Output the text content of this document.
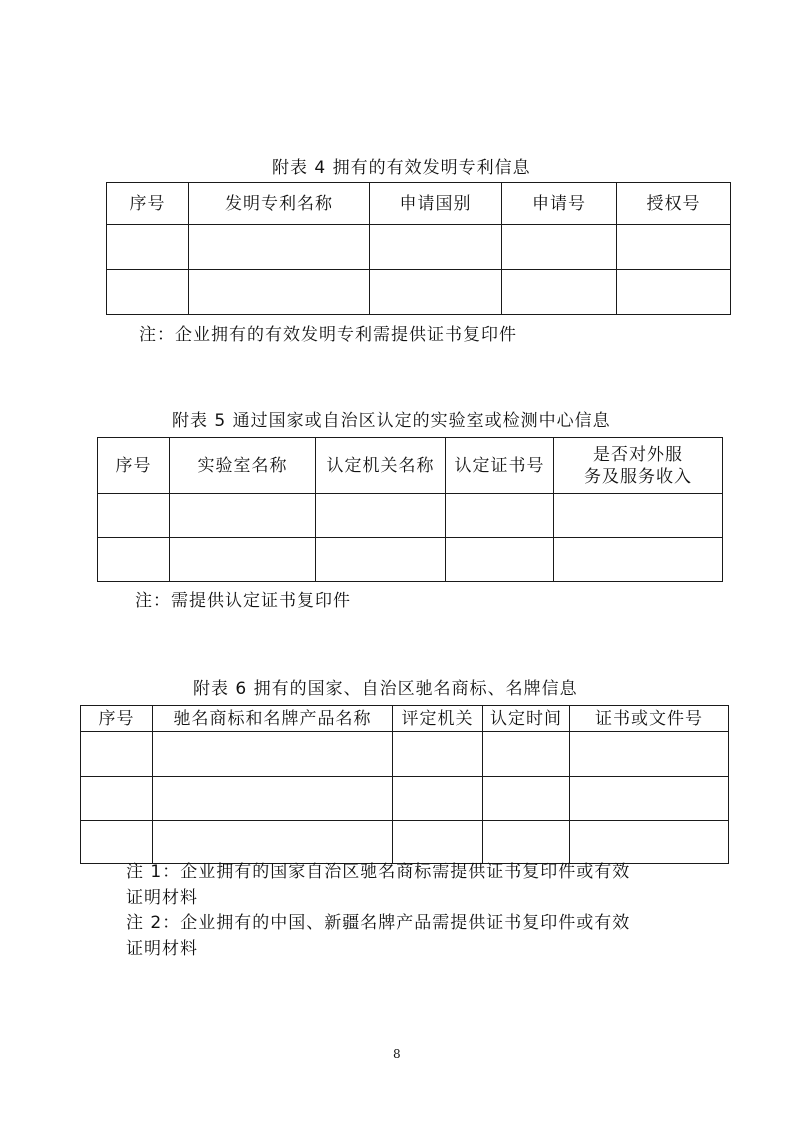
附表 4 拥有的有效发明专利信息
序号	发明专利名称	申请国别	申请号	授权号

注：企业拥有的有效发明专利需提供证书复印件
附表 5 通过国家或自治区认定的实验室或检测中心信息
序号	实验室名称	认定机关名称	认定证书号	是否对外服
务及服务收入

注：需提供认定证书复印件
附表 6 拥有的国家、自治区驰名商标、名牌信息
序号	驰名商标和名牌产品名称	评定机关	认定时间	证书或文件号

注 1：企业拥有的国家自治区驰名商标需提供证书复印件或有效
证明材料
注 2：企业拥有的中国、新疆名牌产品需提供证书复印件或有效
证明材料
8
